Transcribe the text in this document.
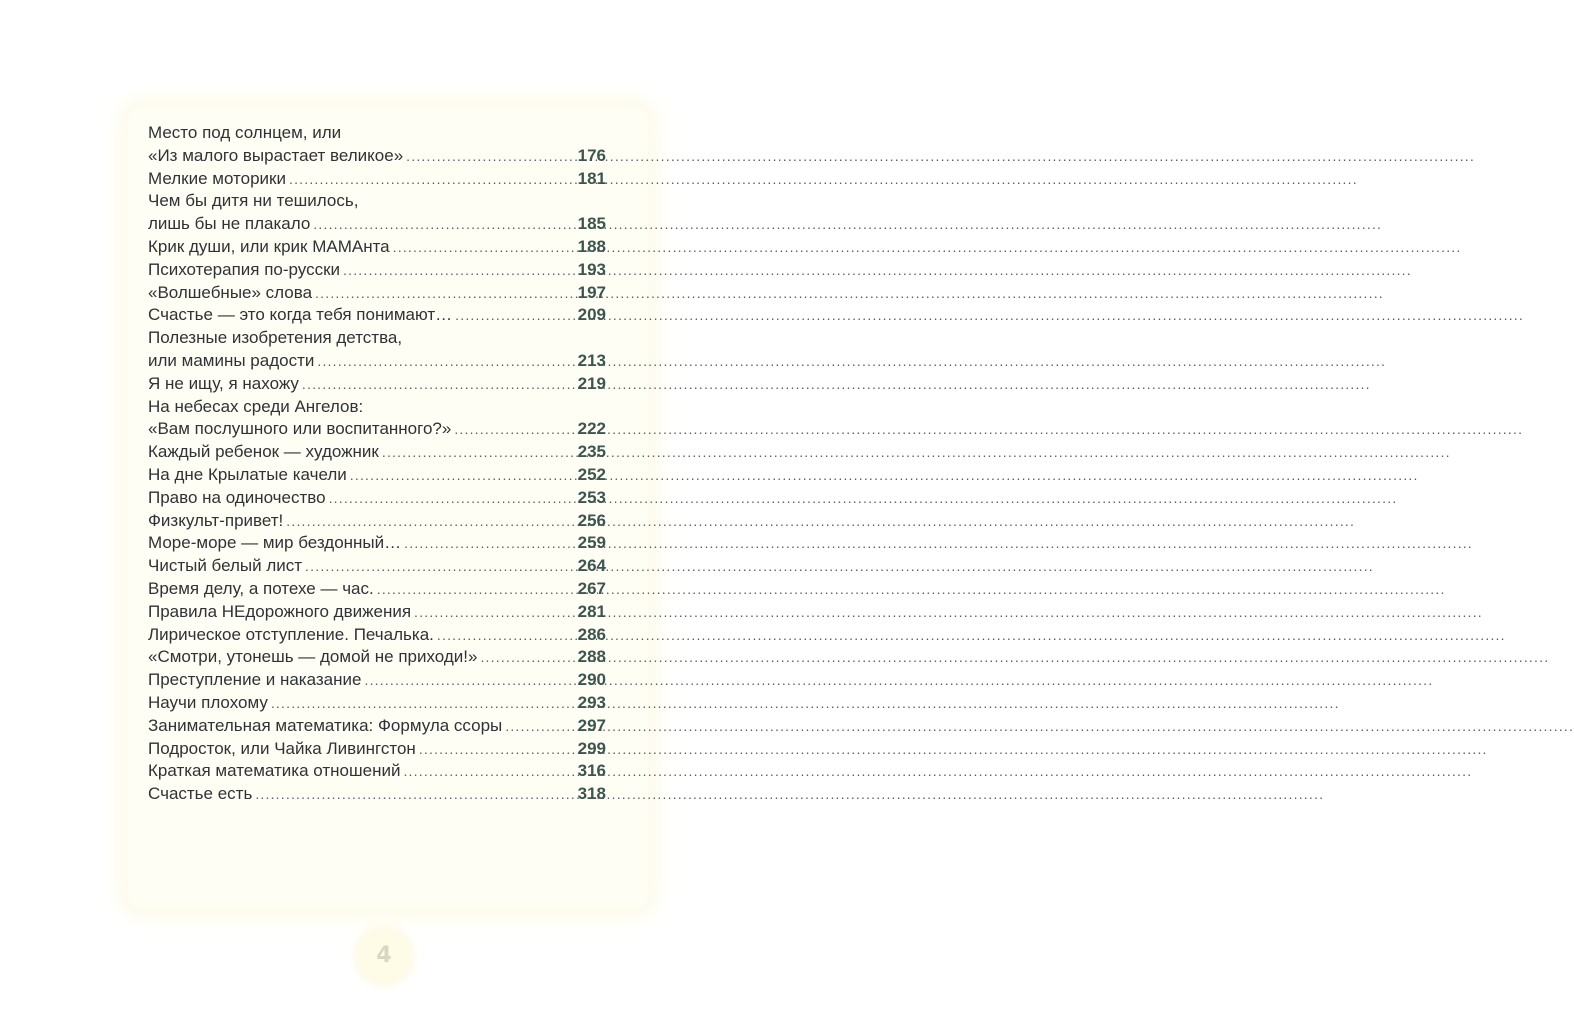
Место под солнцем, или
«Из малого вырастает великое» .....	176
Мелкие моторики .....	181
Чем бы дитя ни тешилось,
лишь бы не плакало .....	185
Крик души, или крик МАМАнта .....	188
Психотерапия по-русски .....	193
«Волшебные» слова .....	197
Счастье — это когда тебя понимают… .....	209
Полезные изобретения детства,
или мамины радости .....	213
Я не ищу, я нахожу .....	219
На небесах среди Ангелов:
«Вам послушного или воспитанного?» .....	222
Каждый ребенок — художник .....	235
На дне Крылатые качели .....	252
Право на одиночество .....	253
Физкульт-привет! .....	256
Море-море — мир бездонный… .....	259
Чистый белый лист .....	264
Время делу, а потехе — час. .....	267
Правила НЕдорожного движения .....	281
Лирическое отступление. Печалька. .....	286
«Смотри, утонешь — домой не приходи!» .....	288
Преступление и наказание .....	290
Научи плохому .....	293
Занимательная математика: Формула ссоры .....	297
Подросток, или Чайка Ливингстон .....	299
Краткая математика отношений .....	316
Счастье есть .....	318
4
